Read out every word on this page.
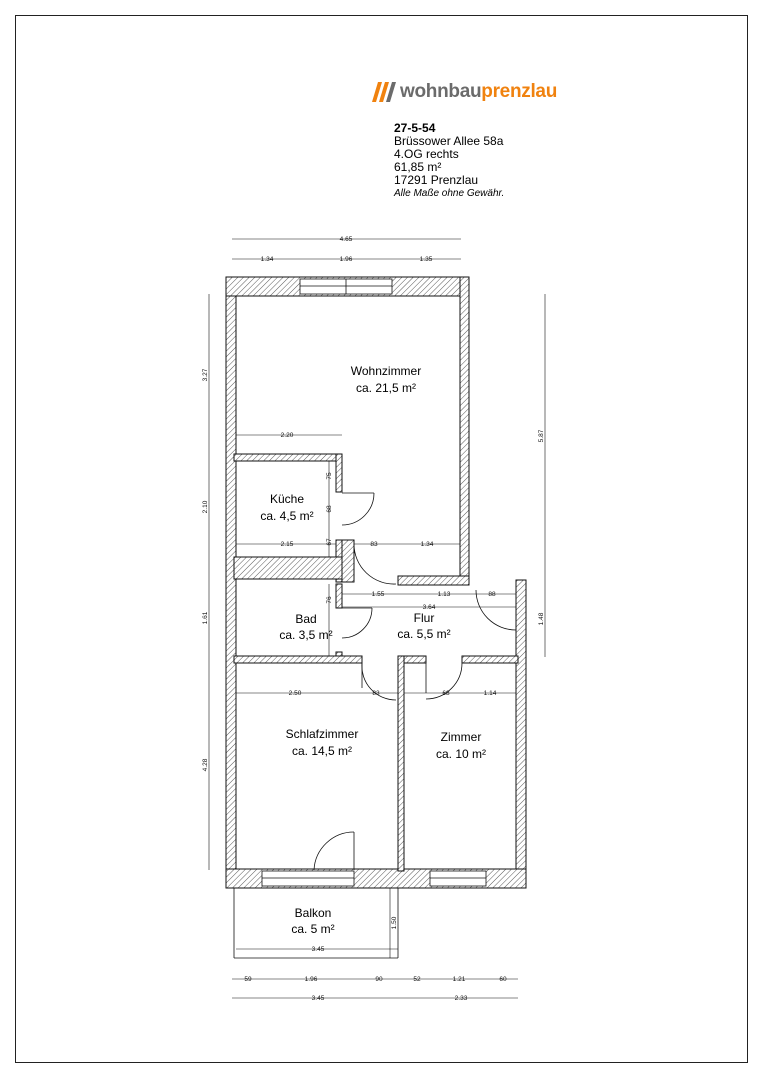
wohnbauprenzlau
27-5-54
Brüssower Allee 58a
4.OG rechts
61,85 m²
17291 Prenzlau
Alle Maße ohne Gewähr.
Wohnzimmer
ca. 21,5 m²
Küche
ca. 4,5 m²
Bad
ca. 3,5 m²
Flur
ca. 5,5 m²
Schlafzimmer
ca. 14,5 m²
Zimmer
ca. 10 m²
Balkon
ca. 5 m²
4.65
1.34	1.96	1.35
3.27
2.10
1.61
4.28
5.87
1.48
2.20
75
68
67
2.15	83	1.34
76
1.55	1.13	88
3.64
2.50	83	68	1.14
1.50
3.45
59	1.96	90	52	1.21	60
3.45	2.33
